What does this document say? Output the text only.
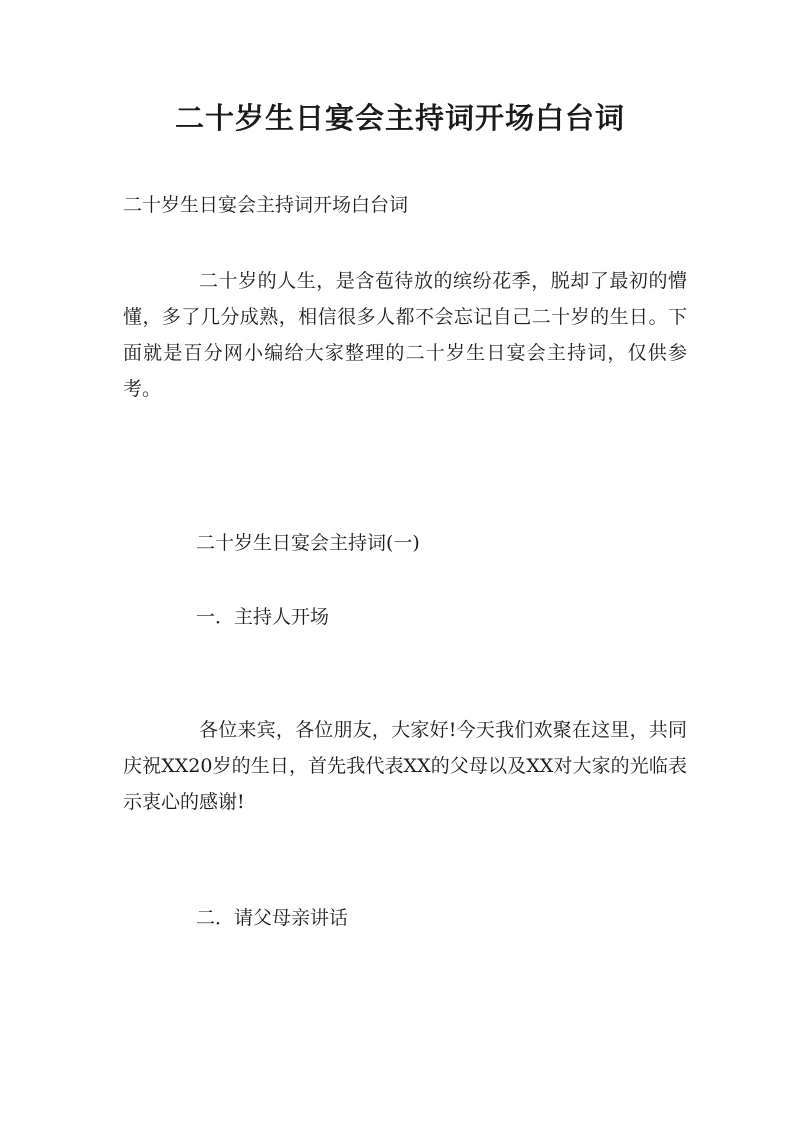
二十岁生日宴会主持词开场白台词
二十岁生日宴会主持词开场白台词
二十岁的人生，是含苞待放的缤纷花季，脱却了最初的懵懂，多了几分成熟，相信很多人都不会忘记自己二十岁的生日。下面就是百分网小编给大家整理的二十岁生日宴会主持词，仅供参考。
二十岁生日宴会主持词(一)
一．主持人开场
各位来宾，各位朋友，大家好!今天我们欢聚在这里，共同庆祝XX20岁的生日，首先我代表XX的父母以及XX对大家的光临表示衷心的感谢!
二．请父母亲讲话
